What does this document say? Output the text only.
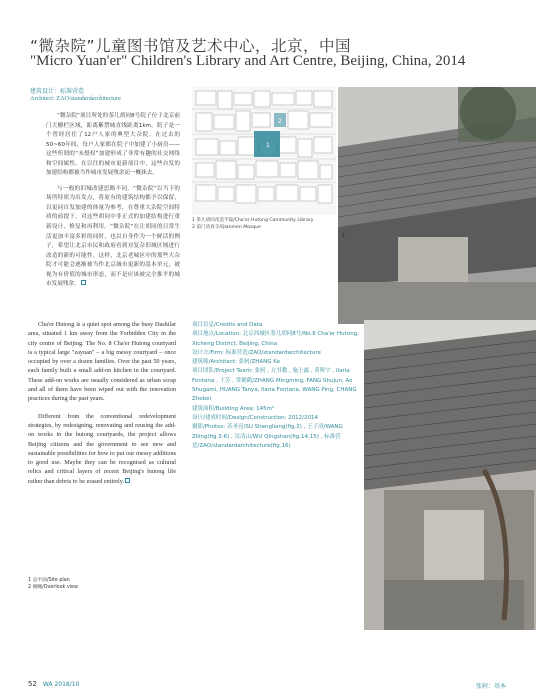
“微杂院”儿童图书馆及艺术中心，北京，中国
"Micro Yuan'er" Children's Library and Art Centre, Beijing, China, 2014
建筑设计：标准营造
Architect: ZAO/standardarchitecture

“微杂院”项目所处的茶儿胡同8号院子位于北京前门大栅栏区域，距离紫禁城直线距离1km。院子是一个曾经居住了12户人家的典型大杂院。在过去的50~60年间，每户人家都在院子中加建了小厨房——这些所谓的“未授权”加建形成了非常有趣的社交网络和空间属性。在以往的城市更新项目中，这些自发的加建结构都被当作城市发展残余而一概抹去。

与一般的旧城改建思路不同，“微杂院”以当下的场所特质为出发点，将原有的建筑结构都予以保留，以更同自发加建的体量为参考，在尊重大杂院空间特质的前提下，对这些胡同中非正式的加建结构进行重新设计、修复和再利用。“微杂院”在让胡同的日常生活更加丰富多彩的同时，也以自身作为一个鲜活的例子，希望让北京市民和政府看到对复杂旧城区域进行改造的新的可能性。这样，北京老城区中的那些大杂院才可能会逐渐被当作北京城市更新的基本单元，被视为有价值的城市形态，而不是应该被完全推平的城市发展残余。

1
2
1
1 茶儿胡同改造半镜/Cha'er Hutong Community Library
2 前门清真寺/Qianmen Mosque

Cha'er Hutong is a quiet spot among the busy Dashilar area, situated 1 km away from the Forbidden City in the city centre of Beijing. The No. 8 Cha'er Hutong courtyard is a typical large "zayuan" – a big messy courtyard – once occupied by over a dozen families. Over the past 50 years, each family built a small add-on kitchen in the courtyard. These add-on works are usually considered as urban scrap and all of them have been wiped out with the renovation practices during the past years.

Different from the conventional redevelopment strategies, by redesigning, renovating and reusing the add-on works in the hutong courtyards, the project allows Beijing citizens and the government to see new and sustainable possibilities for how to put our messy additions to good use. Maybe they can be recognised as cultural relics and critical layers of recent Beijing's hutong life rather than debris to be erased entirely.

项目信息/Credits and Data
项目地点/Location: 北京西城区茶儿胡同8号/No.8 Cha'er Hutong, Xicheng District, Beijing, China
设计方/Firm: 标准营造/ZAO/standardarchitecture
建筑师/Architect: 张轲/ZHANG Ke
项目团队/Project Team: 张轲 , 方书教 , 施上露 , 黄辉宇 , Ilaria Fontana , 王芳 , 常鹤鹤/ZHANG Mingming, FANG Shujun, Ao Shugami, HUANG Tanya, Ilaria Fontana, WANG Ping, CHANG Zhebei
建筑面积/Building Area: 145m²
设计/建成时间/Design/Construction: 2012/2014
摄影/Photos: 苏圣亮/SU Shengliang(fig.2) , 王子凌/WANG Ziling(fig.3-6) , 吴清山/WU Qingshan(fig.14,15) , 标准营造/ZAO/standardarchitecture(fig.16)
1 总平面/Site plan
2 俯瞰/Overlook view
52 WA 2018/10	张轲：基本
